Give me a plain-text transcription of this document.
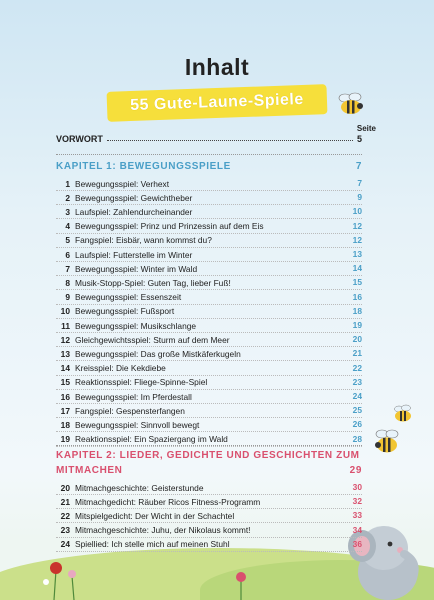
Inhalt
55 Gute-Laune-Spiele
Seite
VORWORT	5
KAPITEL 1: BEWEGUNGSSPIELE	7
1 Bewegungsspiel: Verhext	7
2 Bewegungsspiel: Gewichtheber	9
3 Laufspiel: Zahlendurcheinander	10
4 Bewegungsspiel: Prinz und Prinzessin auf dem Eis	12
5 Fangspiel: Eisbär, wann kommst du?	12
6 Laufspiel: Futterstelle im Winter	13
7 Bewegungsspiel: Winter im Wald	14
8 Musik-Stopp-Spiel: Guten Tag, lieber Fuß!	15
9 Bewegungsspiel: Essenszeit	16
10 Bewegungsspiel: Fußsport	18
11 Bewegungsspiel: Musikschlange	19
12 Gleichgewichtsspiel: Sturm auf dem Meer	20
13 Bewegungsspiel: Das große Mistkäferkugeln	21
14 Kreisspiel: Die Kekdiebe	22
15 Reaktionsspiel: Fliege-Spinne-Spiel	23
16 Bewegungsspiel: Im Pferdestall	24
17 Fangspiel: Gespensterfangen	25
18 Bewegungsspiel: Sinnvoll bewegt	26
19 Reaktionsspiel: Ein Spaziergang im Wald	28
KAPITEL 2: LIEDER, GEDICHTE UND GESCHICHTEN ZUM
MITMACHEN	29
20 Mitmachgeschichte: Geisterstunde	30
21 Mitmachgedicht: Räuber Ricos Fitness-Programm	32
22 Mitspielgedicht: Der Wicht in der Schachtel	33
23 Mitmachgeschichte: Juhu, der Nikolaus kommt!	34
24 Spiellied: Ich stelle mich auf meinen Stuhl	36
